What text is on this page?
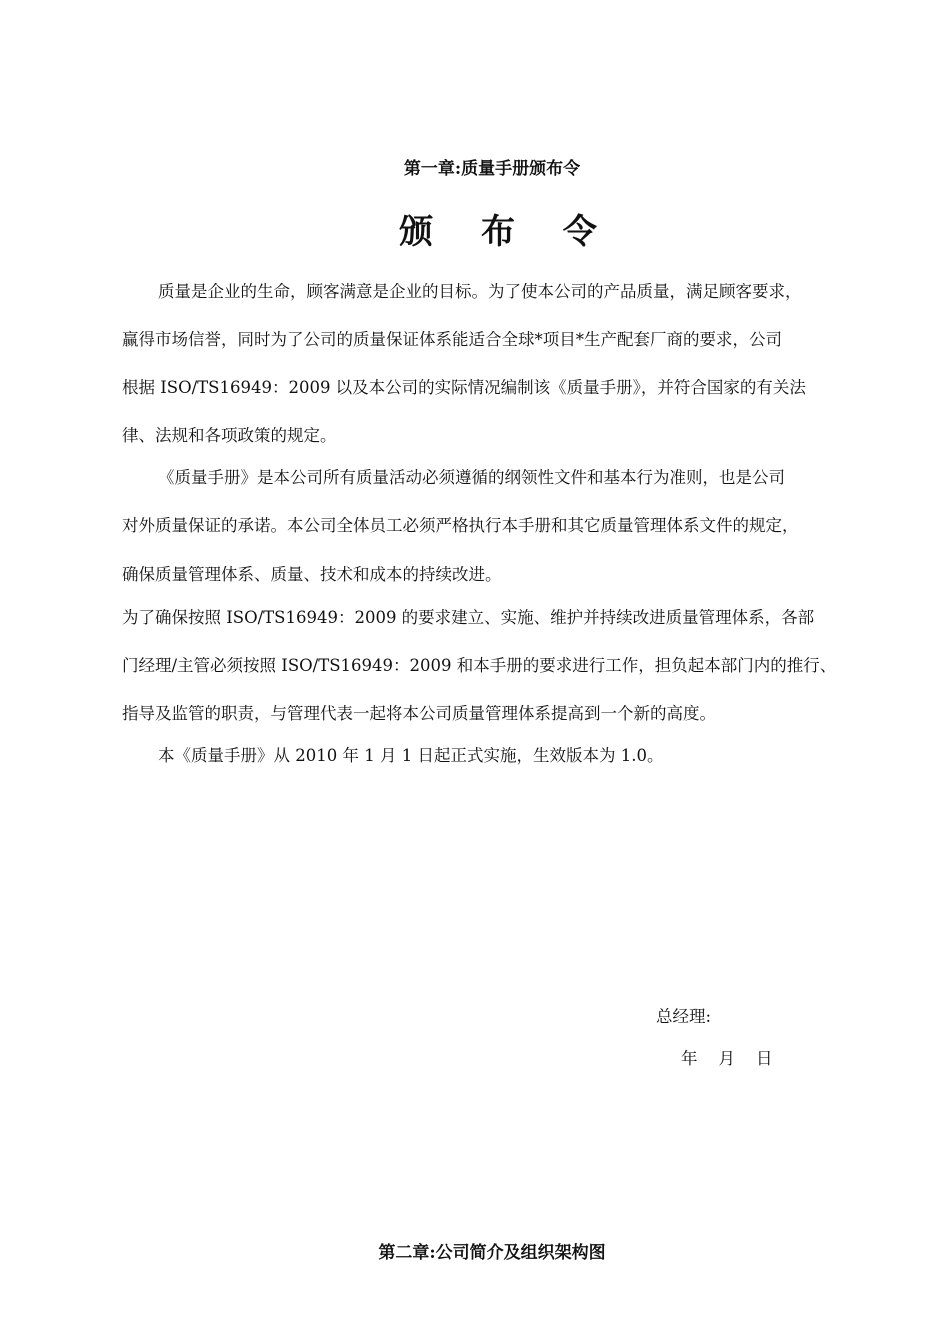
第一章:质量手册颁布令
颁 布 令
质量是企业的生命，顾客满意是企业的目标。为了使本公司的产品质量，满足顾客要求，
赢得市场信誉，同时为了公司的质量保证体系能适合全球*项目*生产配套厂商的要求，公司
根据 ISO/TS16949：2009 以及本公司的实际情况编制该《质量手册》，并符合国家的有关法
律、法规和各项政策的规定。
《质量手册》是本公司所有质量活动必须遵循的纲领性文件和基本行为准则，也是公司
对外质量保证的承诺。本公司全体员工必须严格执行本手册和其它质量管理体系文件的规定，
确保质量管理体系、质量、技术和成本的持续改进。
为了确保按照 ISO/TS16949：2009 的要求建立、实施、维护并持续改进质量管理体系，各部
门经理/主管必须按照 ISO/TS16949：2009 和本手册的要求进行工作，担负起本部门内的推行、
指导及监管的职责，与管理代表一起将本公司质量管理体系提高到一个新的高度。
本《质量手册》从 2010 年 1 月 1 日起正式实施，生效版本为 1.0。
总经理:
年    月    日
第二章:公司简介及组织架构图
